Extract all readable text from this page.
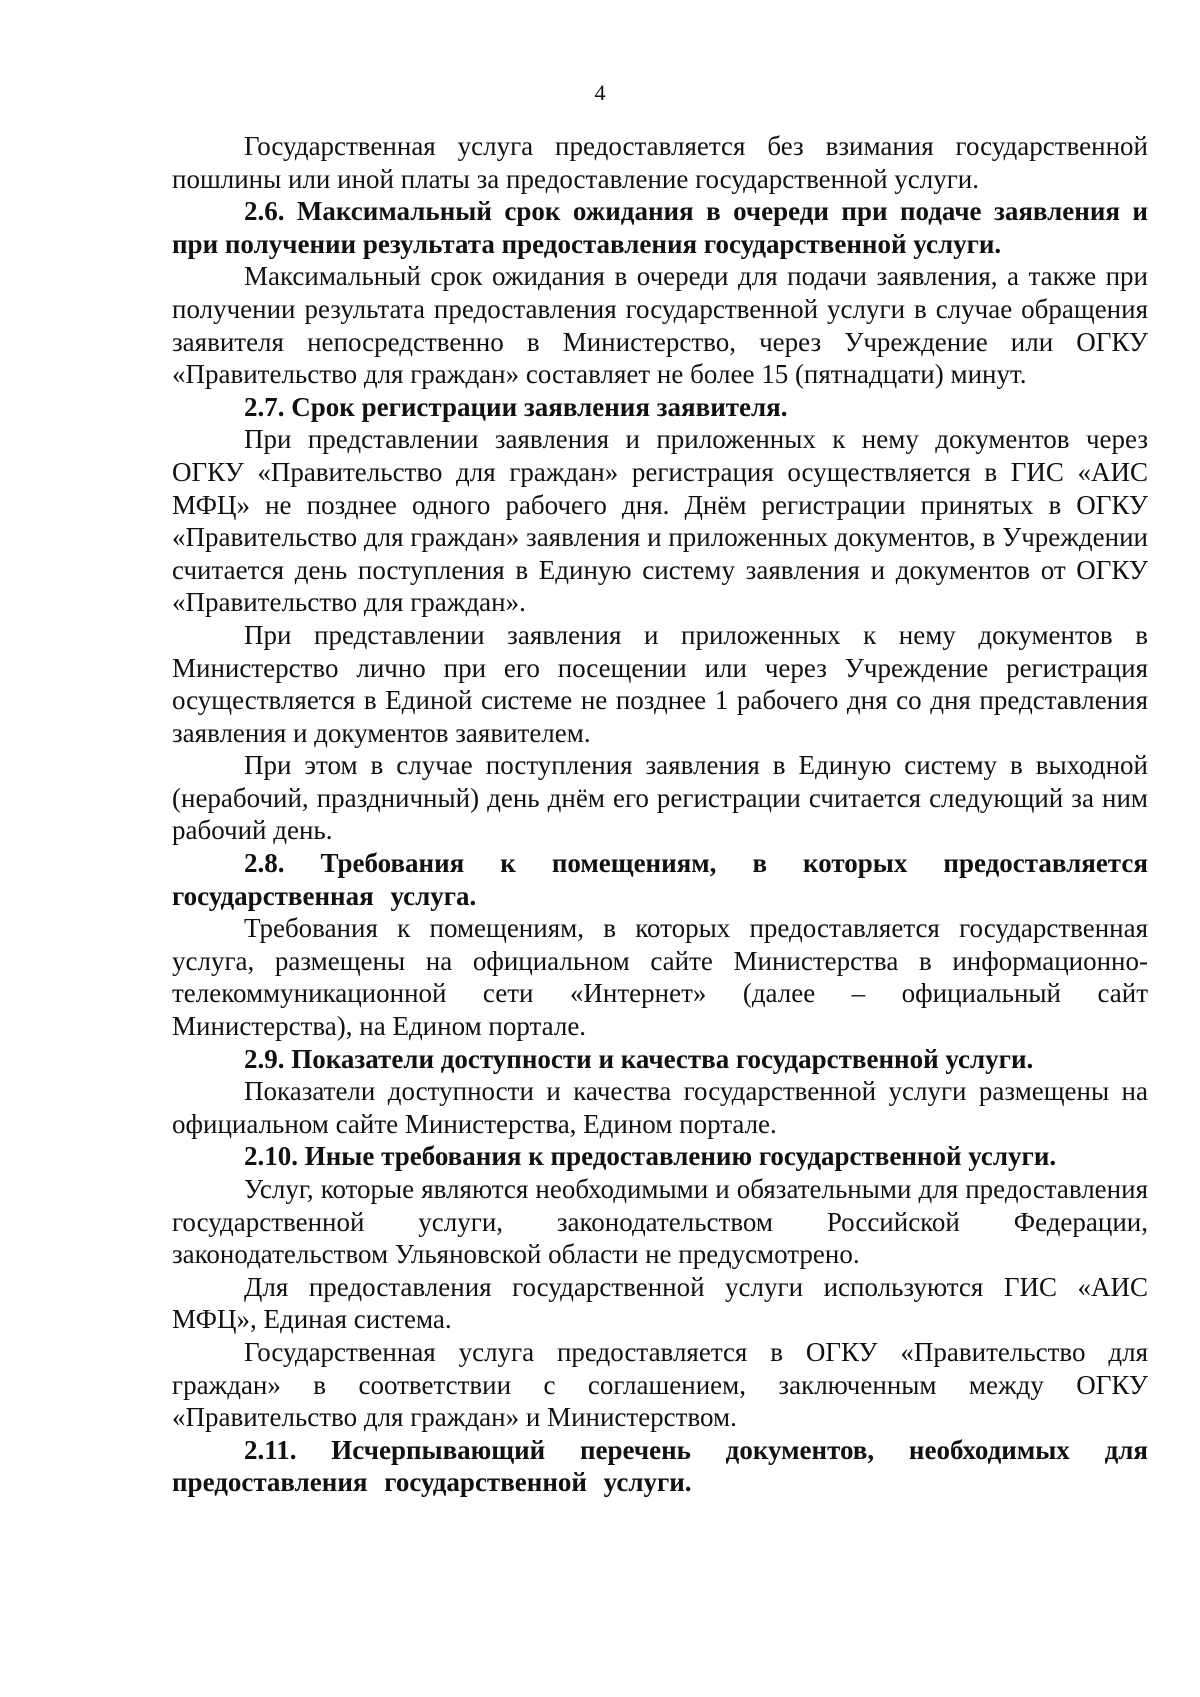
4

Государственная услуга предоставляется без взимания государственной пошлины или иной платы за предоставление государственной услуги.

2.6. Максимальный срок ожидания в очереди при подаче заявления и при получении результата предоставления государственной услуги.

Максимальный срок ожидания в очереди для подачи заявления, а также при получении результата предоставления государственной услуги в случае обращения заявителя непосредственно в Министерство, через Учреждение или ОГКУ «Правительство для граждан» составляет не более 15 (пятнадцати) минут.

2.7. Срок регистрации заявления заявителя.

При представлении заявления и приложенных к нему документов через ОГКУ «Правительство для граждан» регистрация осуществляется в ГИС «АИС МФЦ» не позднее одного рабочего дня. Днём регистрации принятых в ОГКУ «Правительство для граждан» заявления и приложенных документов, в Учреждении считается день поступления в Единую систему заявления и документов от ОГКУ «Правительство для граждан».

При представлении заявления и приложенных к нему документов в Министерство лично при его посещении или через Учреждение регистрация осуществляется в Единой системе не позднее 1 рабочего дня со дня представления заявления и документов заявителем.

При этом в случае поступления заявления в Единую систему в выходной (нерабочий, праздничный) день днём его регистрации считается следующий за ним рабочий день.

2.8. Требования к помещениям, в которых предоставляется государственная услуга.

Требования к помещениям, в которых предоставляется государственная услуга, размещены на официальном сайте Министерства в информационно-телекоммуникационной сети «Интернет» (далее – официальный сайт Министерства), на Едином портале.

2.9. Показатели доступности и качества государственной услуги.

Показатели доступности и качества государственной услуги размещены на официальном сайте Министерства, Едином портале.

2.10. Иные требования к предоставлению государственной услуги.

Услуг, которые являются необходимыми и обязательными для предоставления государственной услуги, законодательством Российской Федерации, законодательством Ульяновской области не предусмотрено.

Для предоставления государственной услуги используются ГИС «АИС МФЦ», Единая система.

Государственная услуга предоставляется в ОГКУ «Правительство для граждан» в соответствии с соглашением, заключенным между ОГКУ «Правительство для граждан» и Министерством.

2.11. Исчерпывающий перечень документов, необходимых для предоставления государственной услуги.
